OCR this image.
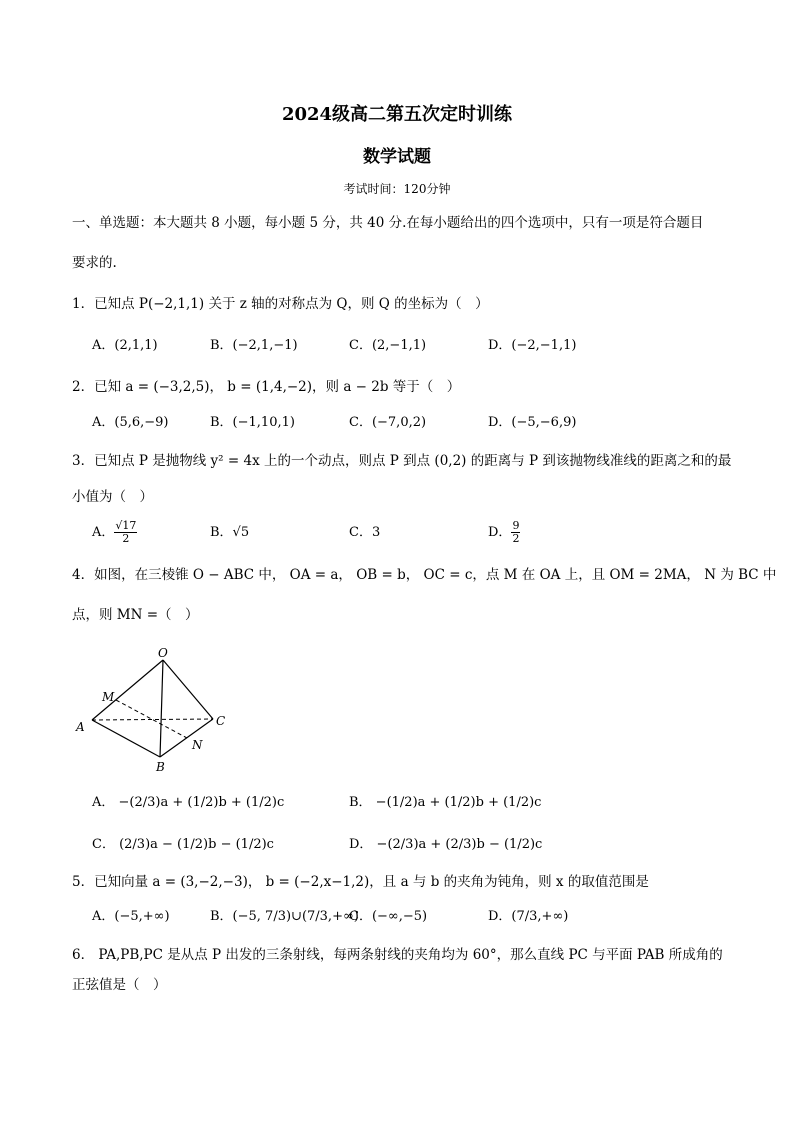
2024级高二第五次定时训练
数学试题
考试时间：120分钟
一、单选题：本大题共 8 小题，每小题 5 分，共 40 分.在每小题给出的四个选项中，只有一项是符合题目
要求的.
1．已知点 P(−2,1,1) 关于 z 轴的对称点为 Q，则 Q 的坐标为（　）
A．(2,1,1)	B．(−2,1,−1)	C．(2,−1,1)	D．(−2,−1,1)
2．已知 a = (−3,2,5)， b = (1,4,−2)，则 a − 2b 等于（　）
A．(5,6,−9)	B．(−1,10,1)	C．(−7,0,2)	D．(−5,−6,9)
3．已知点 P 是抛物线 y² = 4x 上的一个动点，则点 P 到点 (0,2) 的距离与 P 到该抛物线准线的距离之和的最
小值为（　）
A． $\frac{√17}{2}$	B．√5	C．3	D． $\frac{9}{2}$
4．如图，在三棱锥 O − ABC 中， OA = a， OB = b， OC = c，点 M 在 OA 上，且 OM = 2MA， N 为 BC 中
点，则 MN =（　）
O
M
A	C
N
B
A． −(2/3)a + (1/2)b + (1/2)c	B． −(1/2)a + (1/2)b + (1/2)c
C． (2/3)a − (1/2)b − (1/2)c	D． −(2/3)a + (2/3)b − (1/2)c
5．已知向量 a = (3,−2,−3)， b = (−2,x−1,2)，且 a 与 b 的夹角为钝角，则 x 的取值范围是
A．(−5,+∞)	B．(−5, 7/3)∪(7/3,+∞)
C．(−∞,−5)	D．(7/3,+∞)
6． PA,PB,PC 是从点 P 出发的三条射线，每两条射线的夹角均为 60°，那么直线 PC 与平面 PAB 所成角的
正弦值是（　）
